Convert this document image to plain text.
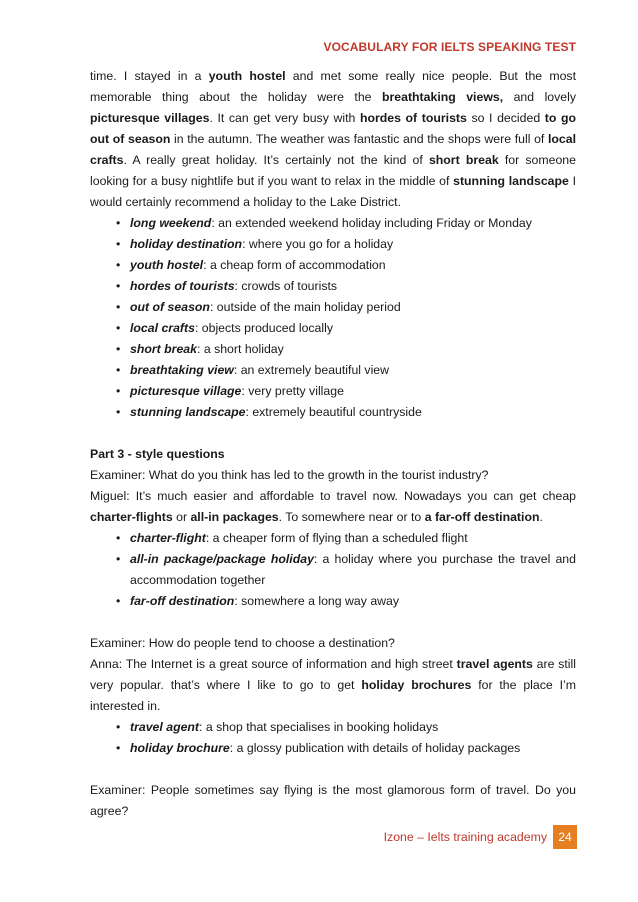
VOCABULARY FOR IELTS SPEAKING TEST

time. I stayed in a youth hostel and met some really nice people. But the most memorable thing about the holiday were the breathtaking views, and lovely picturesque villages. It can get very busy with hordes of tourists so I decided to go out of season in the autumn. The weather was fantastic and the shops were full of local crafts. A really great holiday. It’s certainly not the kind of short break for someone looking for a busy nightlife but if you want to relax in the middle of stunning landscape I would certainly recommend a holiday to the Lake District.

• long weekend: an extended weekend holiday including Friday or Monday
• holiday destination: where you go for a holiday
• youth hostel: a cheap form of accommodation
• hordes of tourists: crowds of tourists
• out of season: outside of the main holiday period
• local crafts: objects produced locally
• short break: a short holiday
• breathtaking view: an extremely beautiful view
• picturesque village: very pretty village
• stunning landscape: extremely beautiful countryside

Part 3 - style questions

Examiner: What do you think has led to the growth in the tourist industry?

Miguel: It’s much easier and affordable to travel now. Nowadays you can get cheap charter-flights or all-in packages. To somewhere near or to a far-off destination.

• charter-flight: a cheaper form of flying than a scheduled flight
• all-in package/package holiday: a holiday where you purchase the travel and accommodation together
• far-off destination: somewhere a long way away

Examiner: How do people tend to choose a destination?

Anna: The Internet is a great source of information and high street travel agents are still very popular. that’s where I like to go to get holiday brochures for the place I’m interested in.

• travel agent: a shop that specialises in booking holidays
• holiday brochure: a glossy publication with details of holiday packages

Examiner: People sometimes say flying is the most glamorous form of travel. Do you agree?

Izone – Ielts training academy 24
